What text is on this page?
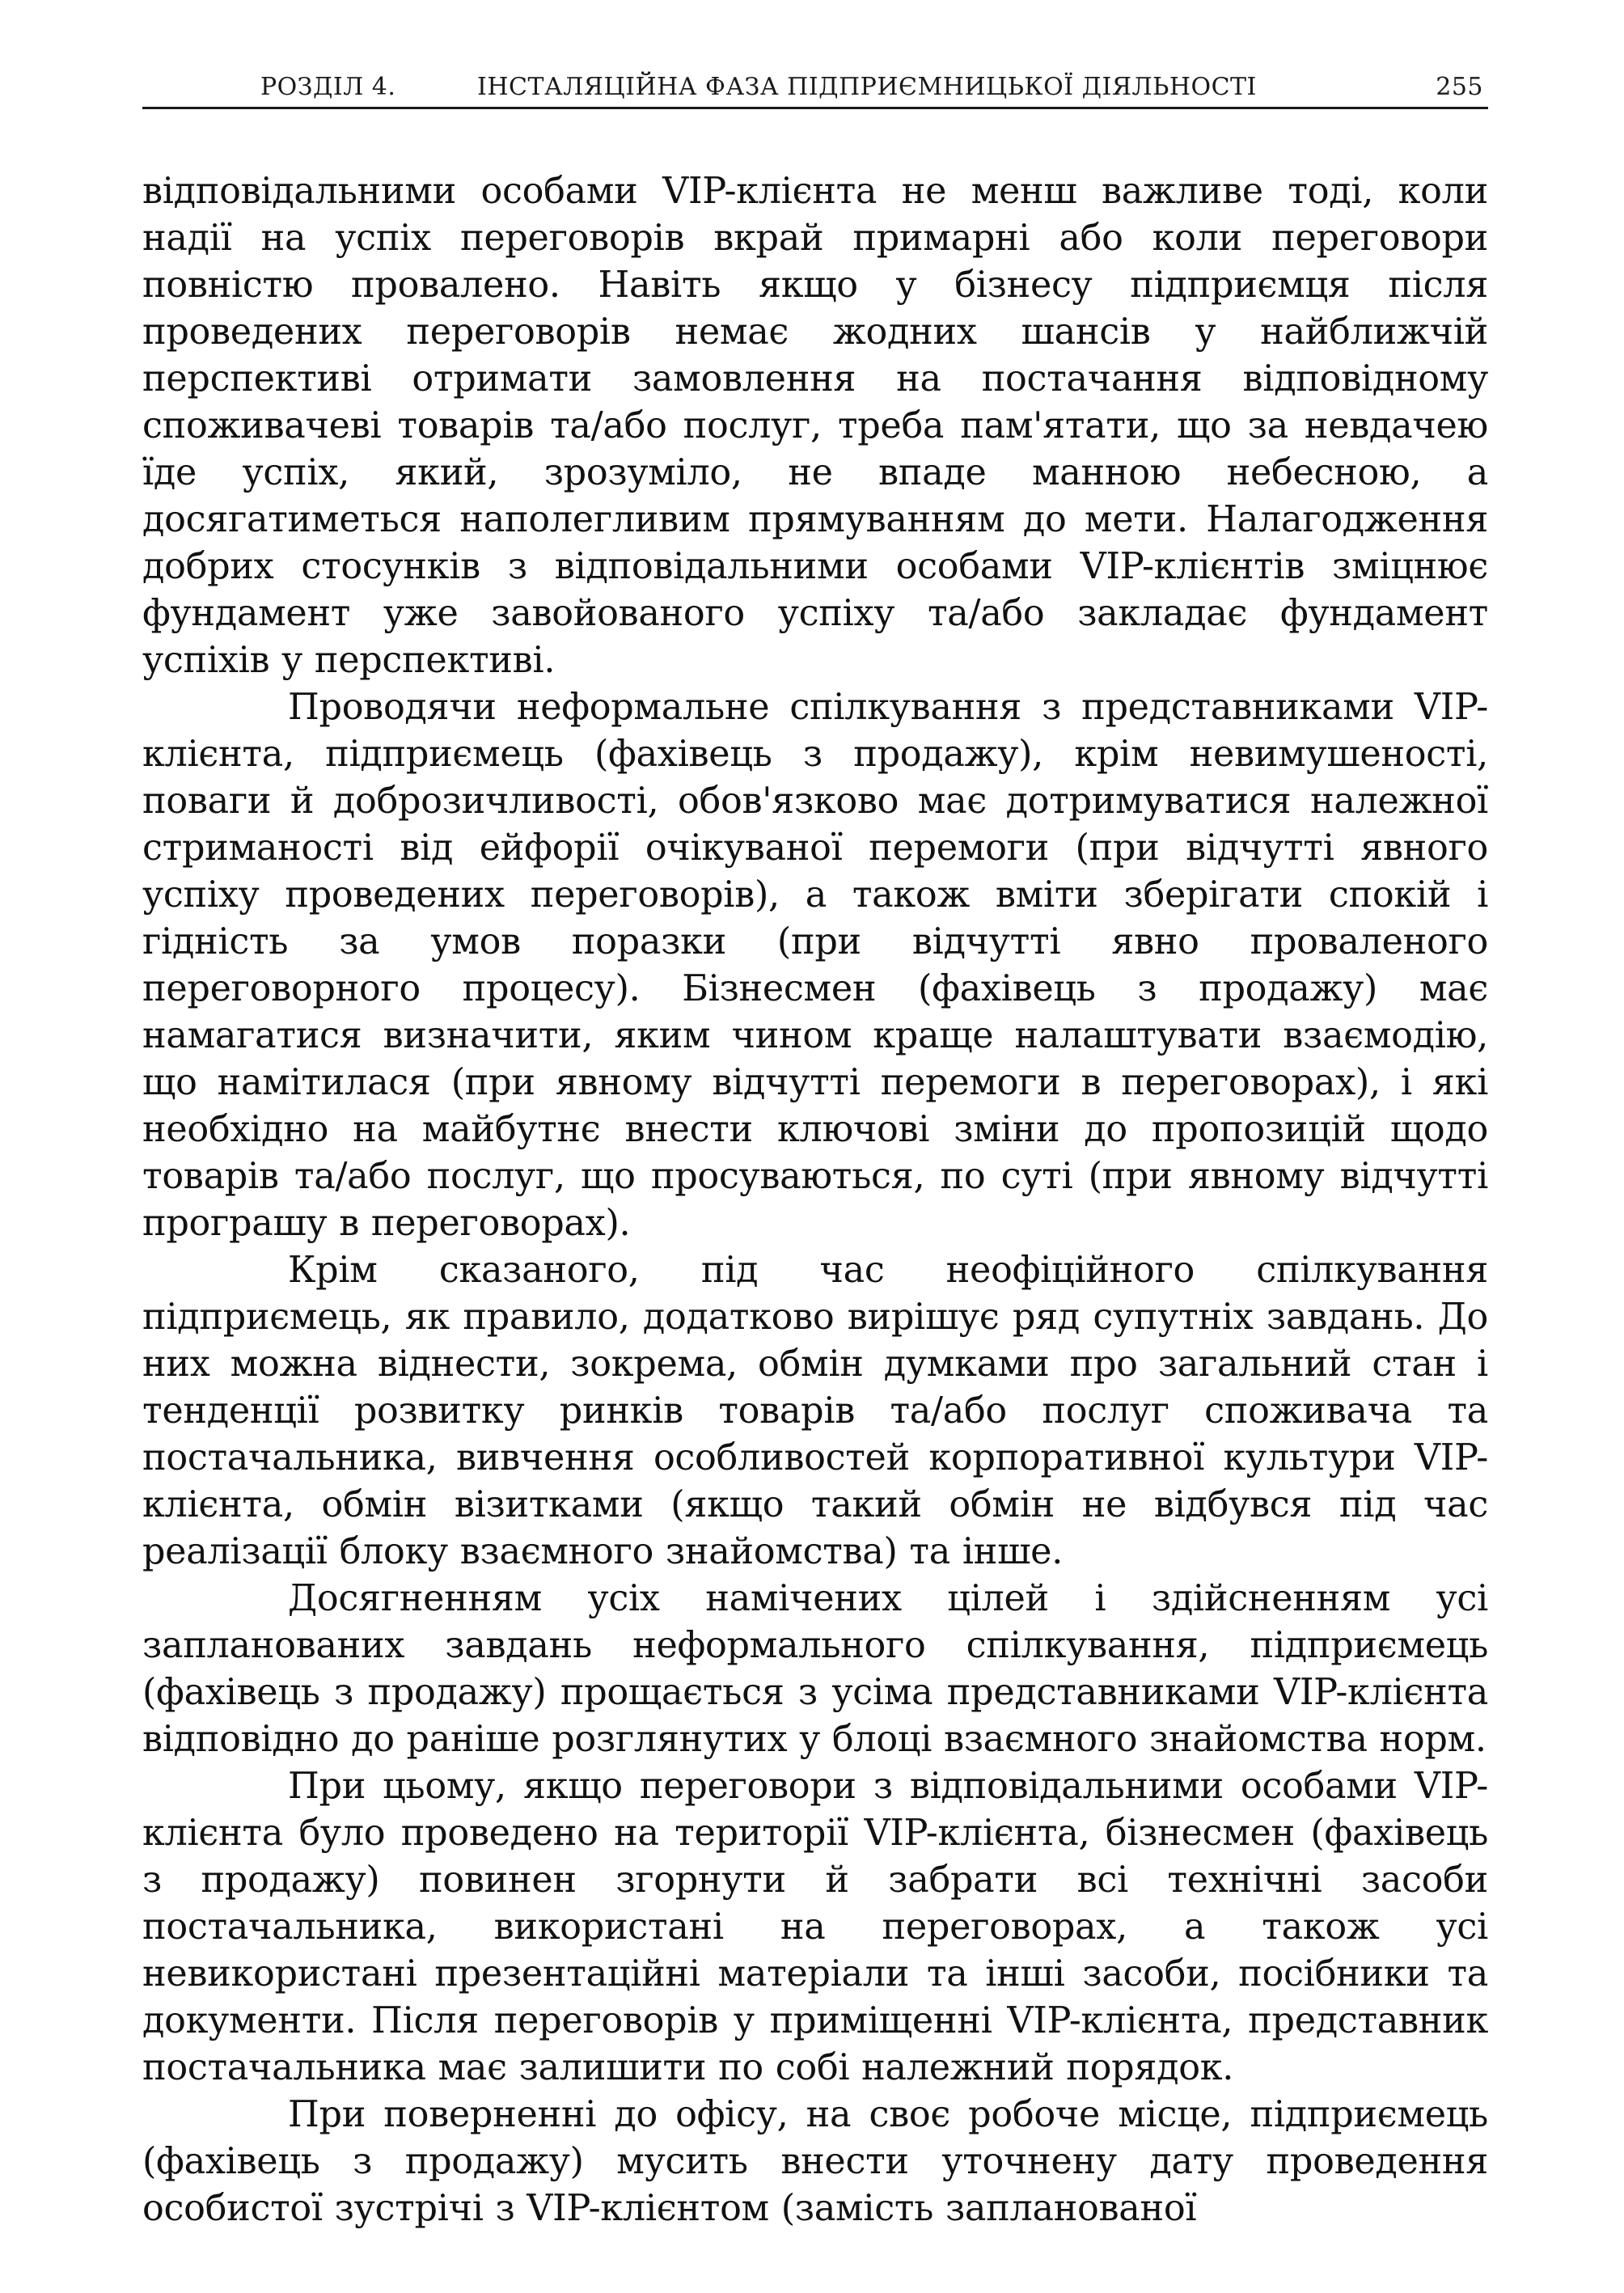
РОЗДІЛ 4.	ІНСТАЛЯЦІЙНА ФАЗА ПІДПРИЄМНИЦЬКОЇ ДІЯЛЬНОСТІ	255

відповідальними особами VIP-клієнта не менш важливе тоді, коли надії на успіх переговорів вкрай примарні або коли переговори повністю провалено. Навіть якщо у бізнесу підприємця після проведених переговорів немає жодних шансів у найближчій перспективі отримати замовлення на постачання відповідному споживачеві товарів та/або послуг, треба пам'ятати, що за невдачею їде успіх, який, зрозуміло, не впаде манною небесною, а досягатиметься наполегливим прямуванням до мети. Налагодження добрих стосунків з відповідальними особами VIP-клієнтів зміцнює фундамент уже завойованого успіху та/або закладає фундамент успіхів у перспективі.

Проводячи неформальне спілкування з представниками VIP-клієнта, підприємець (фахівець з продажу), крім невимушеності, поваги й доброзичливості, обов'язково має дотримуватися належної стриманості від ейфорії очікуваної перемоги (при відчутті явного успіху проведених переговорів), а також вміти зберігати спокій і гідність за умов поразки (при відчутті явно проваленого переговорного процесу). Бізнесмен (фахівець з продажу) має намагатися визначити, яким чином краще налаштувати взаємодію, що намітилася (при явному відчутті перемоги в переговорах), і які необхідно на майбутнє внести ключові зміни до пропозицій щодо товарів та/або послуг, що просуваються, по суті (при явному відчутті програшу в переговорах).

Крім сказаного, під час неофіційного спілкування підприємець, як правило, додатково вирішує ряд супутніх завдань. До них можна віднести, зокрема, обмін думками про загальний стан і тенденції розвитку ринків товарів та/або послуг споживача та постачальника, вивчення особливостей корпоративної культури VIP-клієнта, обмін візитками (якщо такий обмін не відбувся під час реалізації блоку взаємного знайомства) та інше.

Досягненням усіх намічених цілей і здійсненням усі запланованих завдань неформального спілкування, підприємець (фахівець з продажу) прощається з усіма представниками VIP-клієнта відповідно до раніше розглянутих у блоці взаємного знайомства норм.

При цьому, якщо переговори з відповідальними особами VIP-клієнта було проведено на території VIP-клієнта, бізнесмен (фахівець з продажу) повинен згорнути й забрати всі технічні засоби постачальника, використані на переговорах, а також усі невикористані презентаційні матеріали та інші засоби, посібники та документи. Після переговорів у приміщенні VIP-клієнта, представник постачальника має залишити по собі належний порядок.

При поверненні до офісу, на своє робоче місце, підприємець (фахівець з продажу) мусить внести уточнену дату проведення особистої зустрічі з VIP-клієнтом (замість запланованої
